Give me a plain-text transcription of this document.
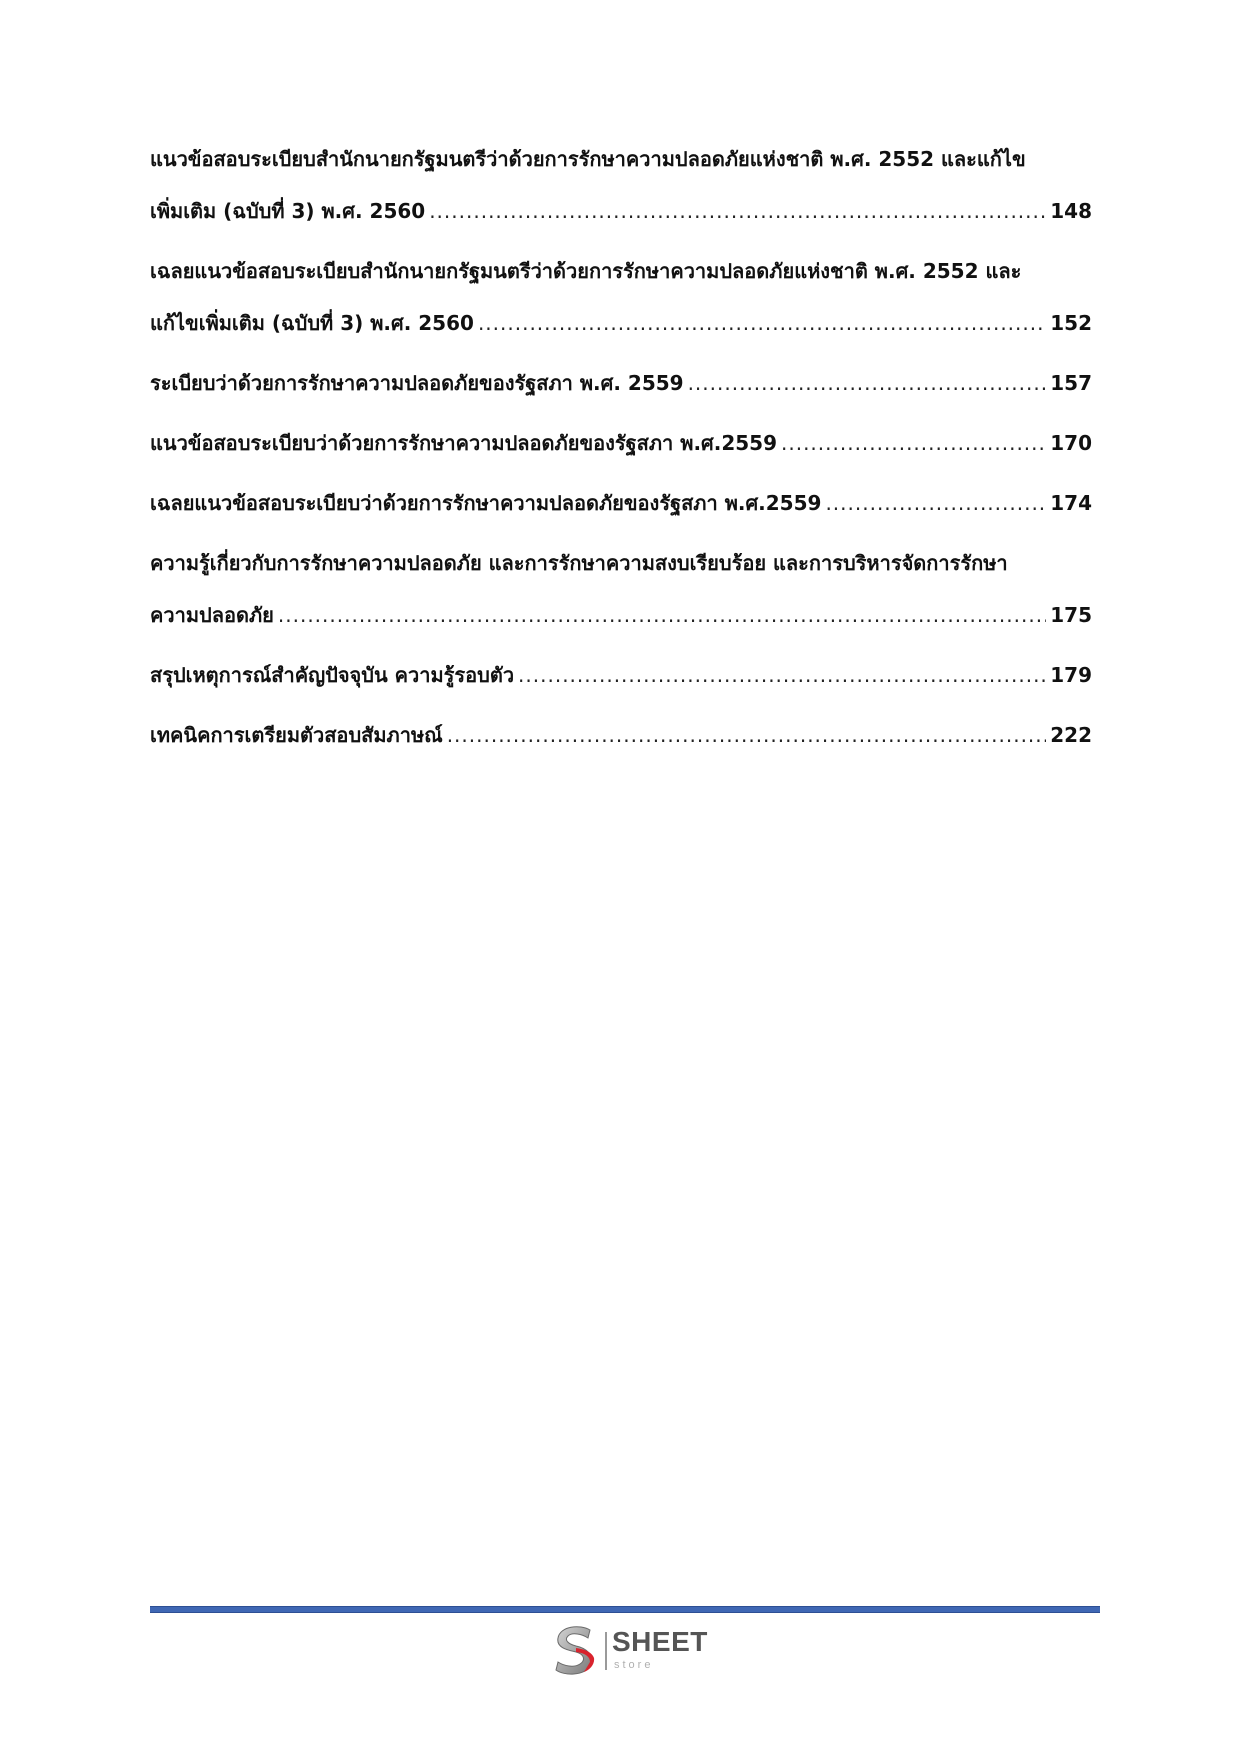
แนวข้อสอบระเบียบสำนักนายกรัฐมนตรีว่าด้วยการรักษาความปลอดภัยแห่งชาติ พ.ศ. 2552 และแก้ไข
เพิ่มเติม (ฉบับที่ 3) พ.ศ. 2560 .....	148
เฉลยแนวข้อสอบระเบียบสำนักนายกรัฐมนตรีว่าด้วยการรักษาความปลอดภัยแห่งชาติ พ.ศ. 2552 และ
แก้ไขเพิ่มเติม (ฉบับที่ 3) พ.ศ. 2560 .....	152
ระเบียบว่าด้วยการรักษาความปลอดภัยของรัฐสภา พ.ศ. 2559 .....	157
แนวข้อสอบระเบียบว่าด้วยการรักษาความปลอดภัยของรัฐสภา พ.ศ.2559 .....	170
เฉลยแนวข้อสอบระเบียบว่าด้วยการรักษาความปลอดภัยของรัฐสภา พ.ศ.2559 .....	174
ความรู้เกี่ยวกับการรักษาความปลอดภัย และการรักษาความสงบเรียบร้อย และการบริหารจัดการรักษา
ความปลอดภัย .....	175
สรุปเหตุการณ์สำคัญปัจจุบัน ความรู้รอบตัว .....	179
เทคนิคการเตรียมตัวสอบสัมภาษณ์ .....	222
SHEET
store
